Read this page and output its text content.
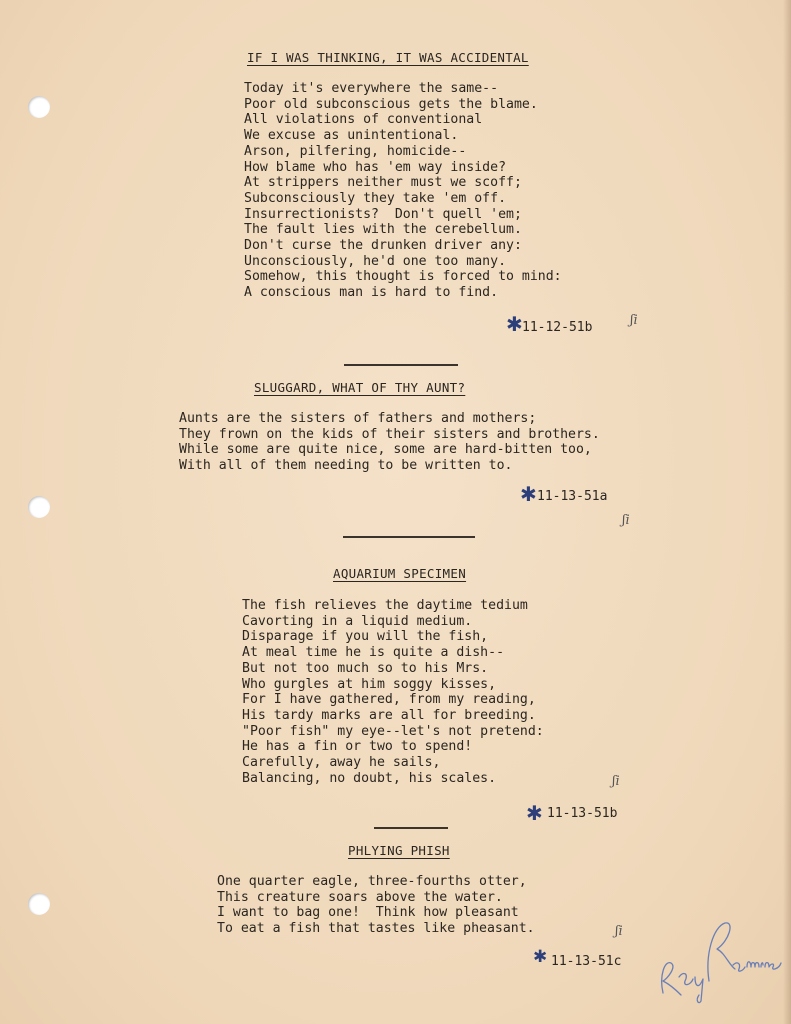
IF I WAS THINKING, IT WAS ACCIDENTAL
Today it's everywhere the same--
Poor old subconscious gets the blame.
All violations of conventional
We excuse as unintentional.
Arson, pilfering, homicide--
How blame who has 'em way inside?
At strippers neither must we scoff;
Subconsciously they take 'em off.
Insurrectionists?  Don't quell 'em;
The fault lies with the cerebellum.
Don't curse the drunken driver any:
Unconsciously, he'd one too many.
Somehow, this thought is forced to mind:
A conscious man is hard to find.
✱ 11-12-51b	ʃi
SLUGGARD, WHAT OF THY AUNT?
Aunts are the sisters of fathers and mothers;
They frown on the kids of their sisters and brothers.
While some are quite nice, some are hard-bitten too,
With all of them needing to be written to.
✱ 11-13-51a
ʃi
AQUARIUM SPECIMEN
The fish relieves the daytime tedium
Cavorting in a liquid medium.
Disparage if you will the fish,
At meal time he is quite a dish--
But not too much so to his Mrs.
Who gurgles at him soggy kisses,
For I have gathered, from my reading,
His tardy marks are all for breeding.
"Poor fish" my eye--let's not pretend:
He has a fin or two to spend!
Carefully, away he sails,
Balancing, no doubt, his scales.	ʃi
✱ 11-13-51b
PHLYING PHISH
One quarter eagle, three-fourths otter,
This creature soars above the water.
I want to bag one!  Think how pleasant
To eat a fish that tastes like pheasant.	ʃi
✱ 11-13-51c
